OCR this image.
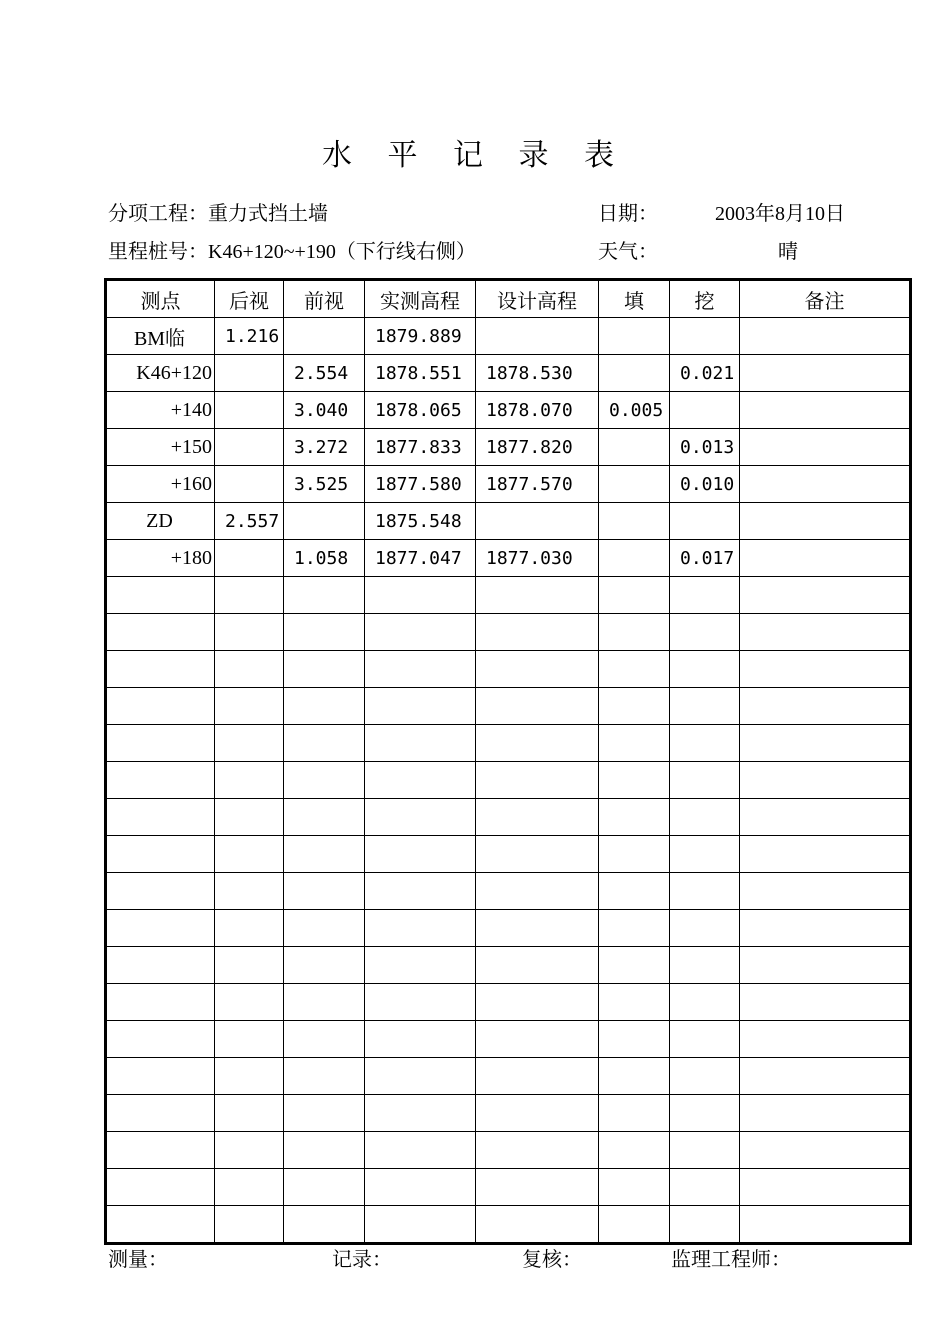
水 平 记 录 表
分项工程：重力式挡土墙	日期：	2003年8月10日
里程桩号：K46+120~+190（下行线右侧）	天气：	晴
测点	后视	前视	实测高程	设计高程	填	挖	备注
BM临	1.216		1879.889				
K46+120		2.554	1878.551	1878.530		0.021	
+140		3.040	1878.065	1878.070	0.005		
+150		3.272	1877.833	1877.820		0.013	
+160		3.525	1877.580	1877.570		0.010	
ZD	2.557		1875.548				
+180		1.058	1877.047	1877.030		0.017	

测量：	记录：	复核：	监理工程师：
